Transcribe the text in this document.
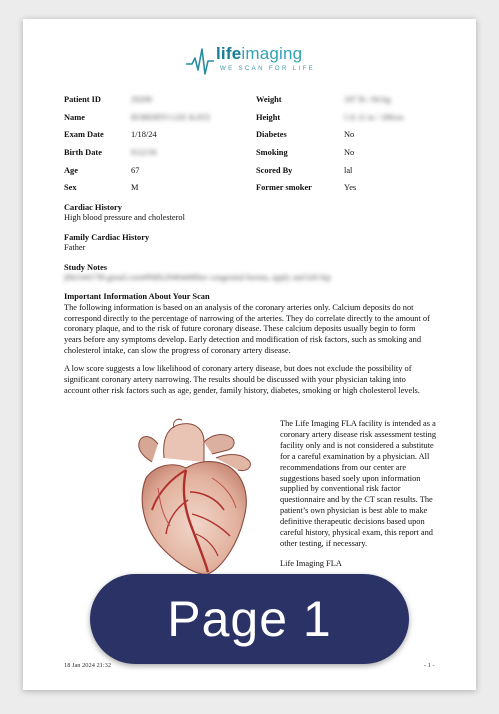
lifeimaging
WE SCAN FOR LIFE
Patient ID	20200
Name	ROBERTO LEE KATZ
Exam Date	1/18/24
Birth Date	9/22/56
Age	67
Sex	M
Weight	187 lb / 84 kg
Height	5 ft 11 in / 180cm
Diabetes	No
Smoking	No
Scored By	lal
Former smoker	Yes
Cardiac History
High blood pressure and cholesterol
Family Cardiac History
Father
Study Notes
jf0e54417f8 gmail.com#f9dfs29464d4f6ee congenital hernia, apply and left hip
Important Information About Your Scan
The following information is based on an analysis of the coronary arteries only. Calcium deposits do not correspond directly to the percentage of narrowing of the arteries. They do correlate directly to the amount of coronary plaque, and to the risk of future coronary disease. These calcium deposits usually begin to form years before any symptoms develop. Early detection and modification of risk factors, such as smoking and cholesterol intake, can slow the progress of coronary artery disease.
A low score suggests a low likelihood of coronary artery disease, but does not exclude the possibility of significant coronary artery narrowing. The results should be discussed with your physician taking into account other risk factors such as age, gender, family history, diabetes, smoking or high cholesterol levels.
The Life Imaging FLA facility is intended as a coronary artery disease risk assessment testing facility only and is not considered a substitute for a careful examination by a physician. All recommendations from our center are suggestions based soely upon information supplied by conventional risk factor questionnaire and by the CT scan results. The patient’s own physician is best able to make definitive therapeutic decisions based upon careful history, physical exam, this report and other testing, if necessary.
Life Imaging FLA
18 Jan 2024 21:32	- 1 -
Page 1
